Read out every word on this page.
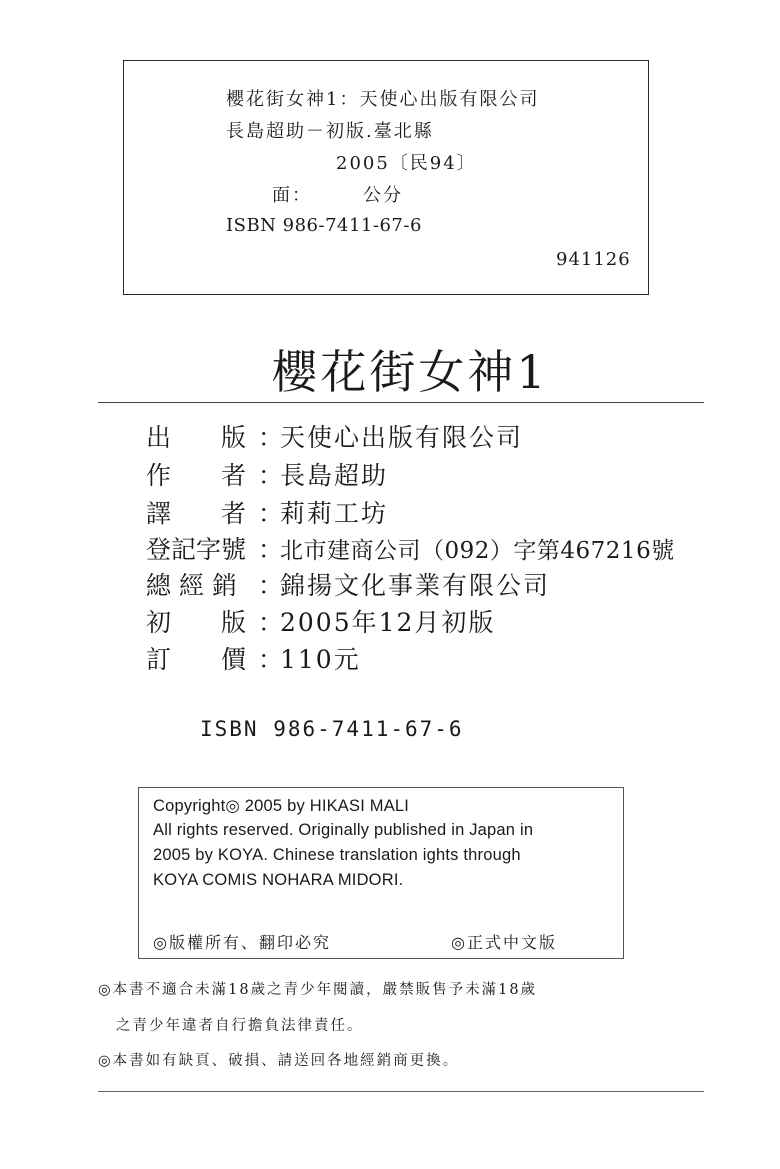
櫻花街女神1：天使心出版有限公司
長島超助－初版.臺北縣
2005〔民94〕
面：　　　公分
ISBN 986-7411-67-6
941126
櫻花街女神1
出　　版 ：天使心出版有限公司
作　　者 ：長島超助
譯　　者 ：莉莉工坊
登記字號 ：北市建商公司（092）字第467216號
總 經 銷 ：錦揚文化事業有限公司
初　　版 ：2005年12月初版
訂　　價 ：110元
ISBN 986-7411-67-6
Copyright◎ 2005 by HIKASI MALI
All rights reserved. Originally published in Japan in
2005 by KOYA. Chinese translation ights through
KOYA COMIS NOHARA MIDORI.
◎版權所有、翻印必究	◎正式中文版
◎本書不適合未滿18歲之青少年閱讀，嚴禁販售予未滿18歲
之青少年違者自行擔負法律責任。
◎本書如有缺頁、破損、請送回各地經銷商更換。
